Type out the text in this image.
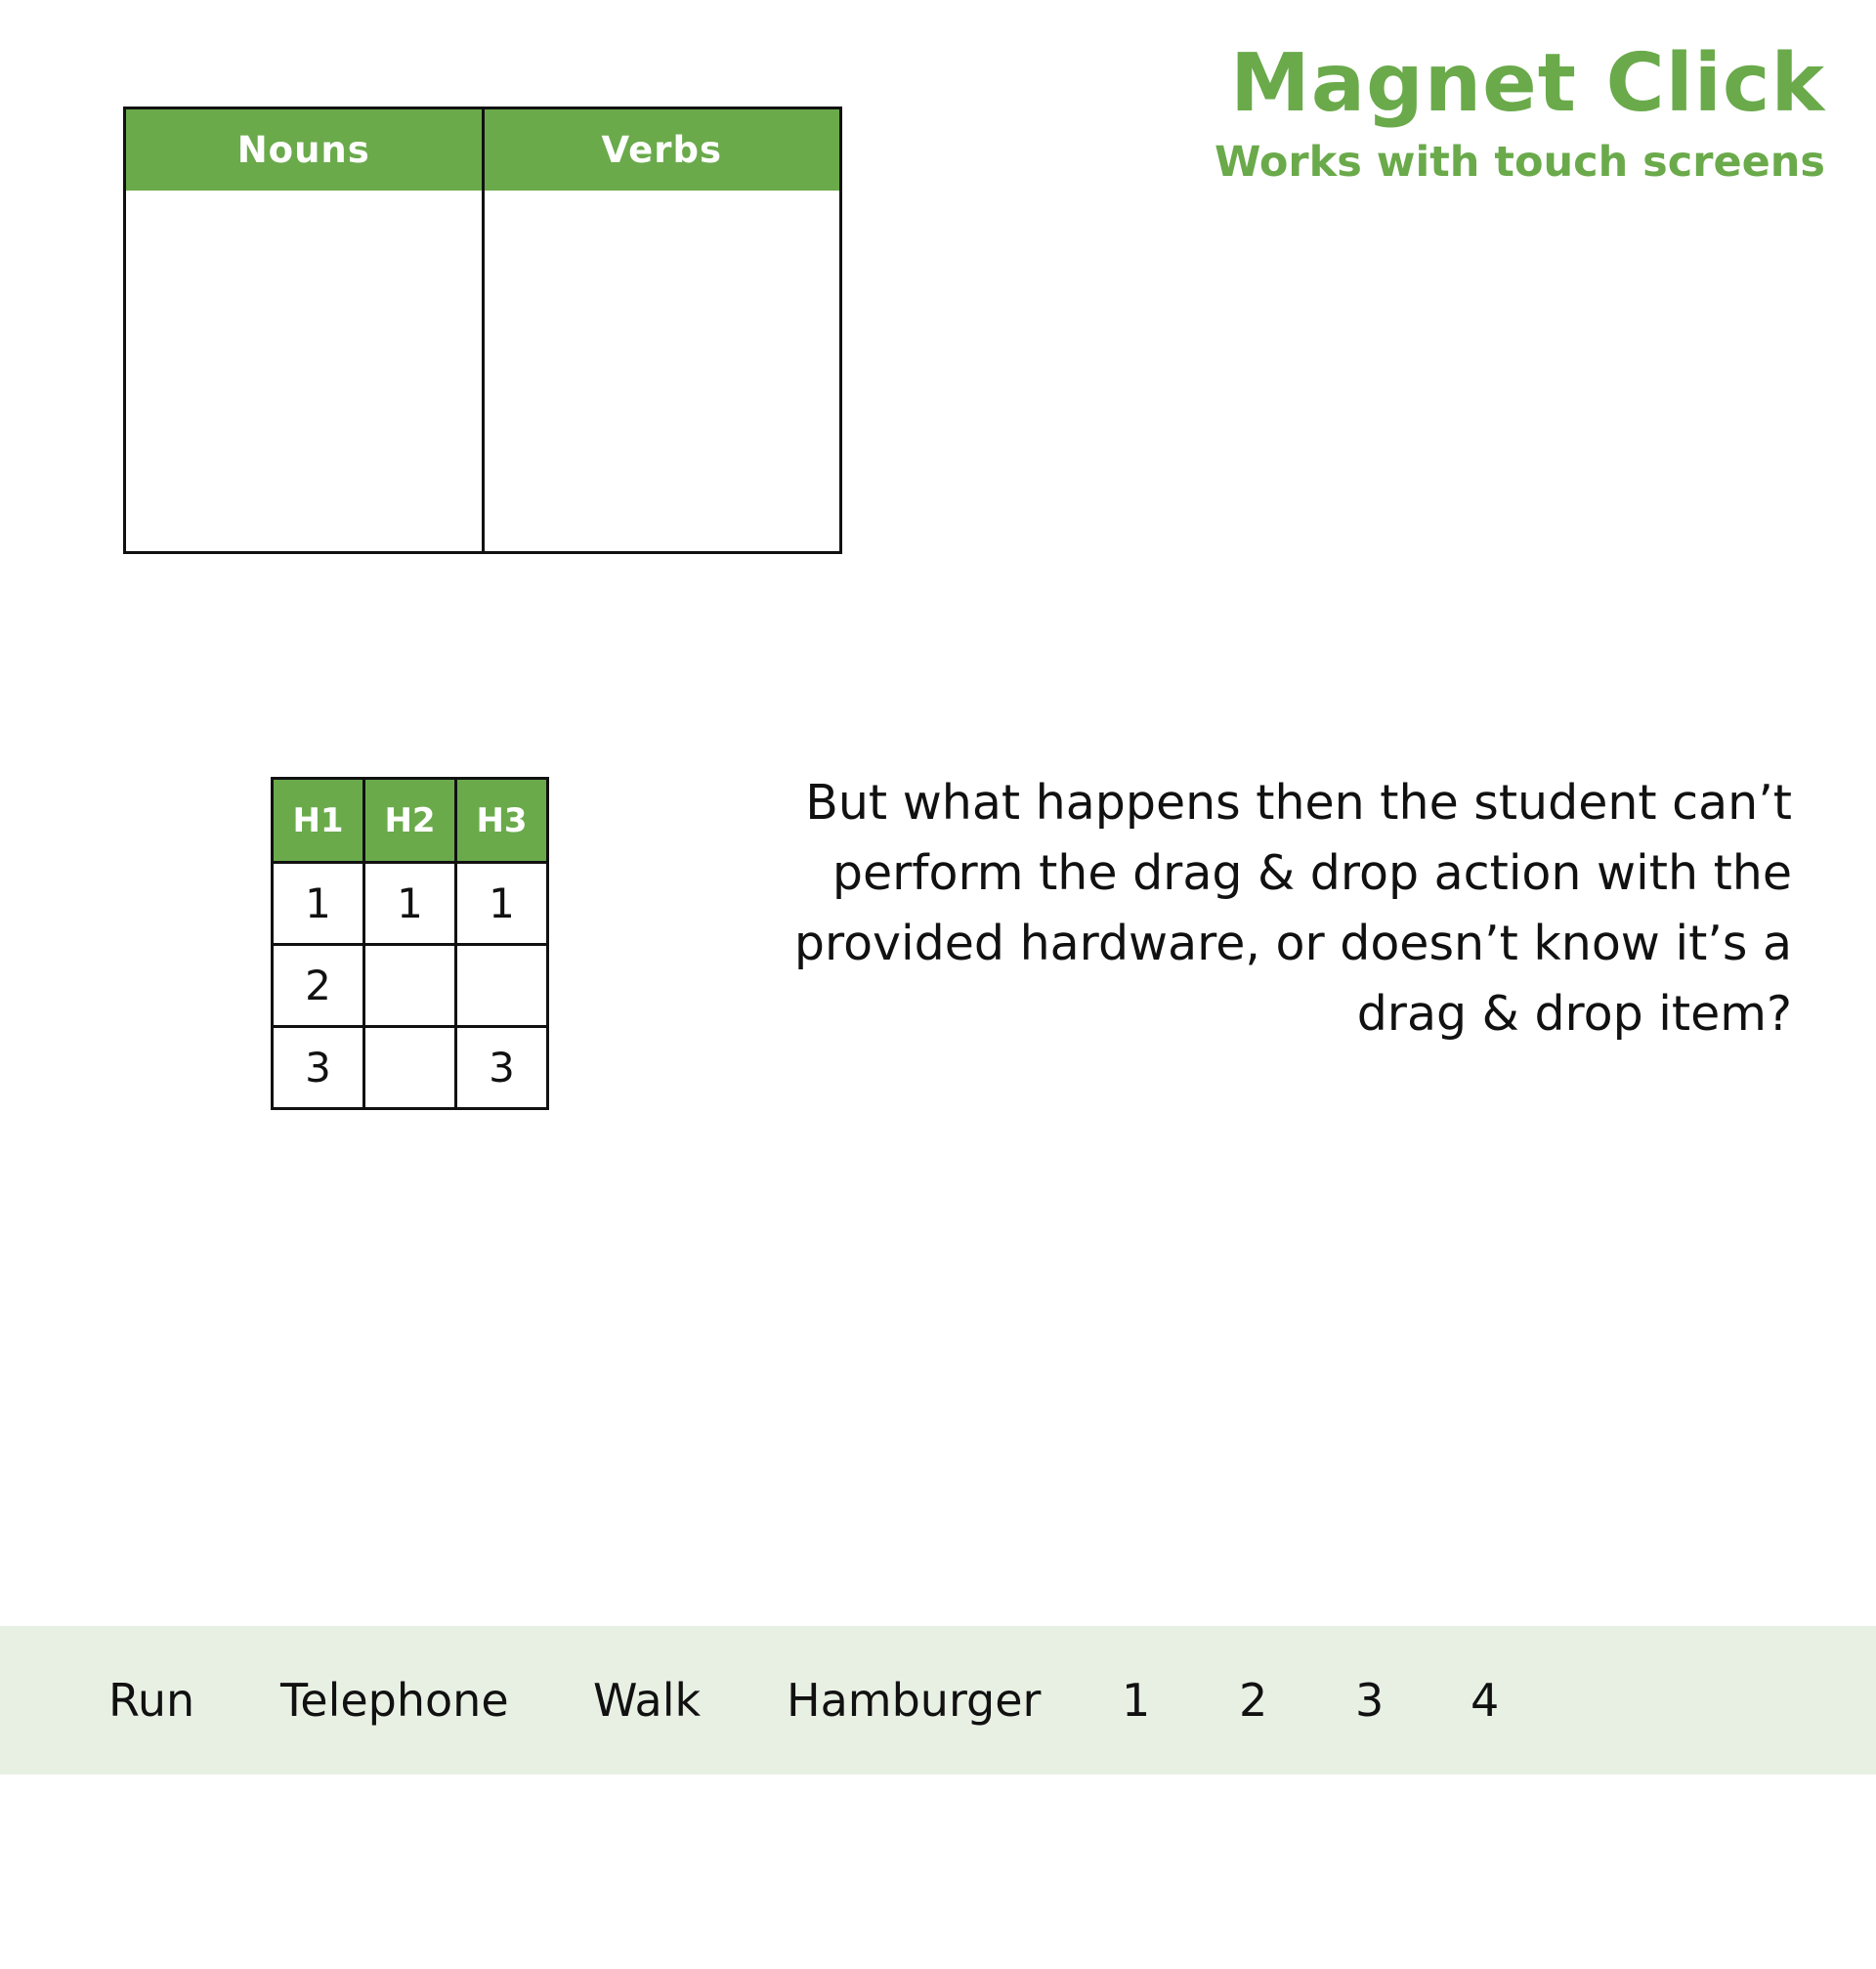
Magnet Click
Works with touch screens
Nouns	Verbs
H1	H2	H3
1	1	1
2		
3		3

But what happens then the student can’t perform the drag & drop action with the provided hardware, or doesn’t know it’s a drag & drop item?

Run Telephone Walk Hamburger 1 2 3 4
